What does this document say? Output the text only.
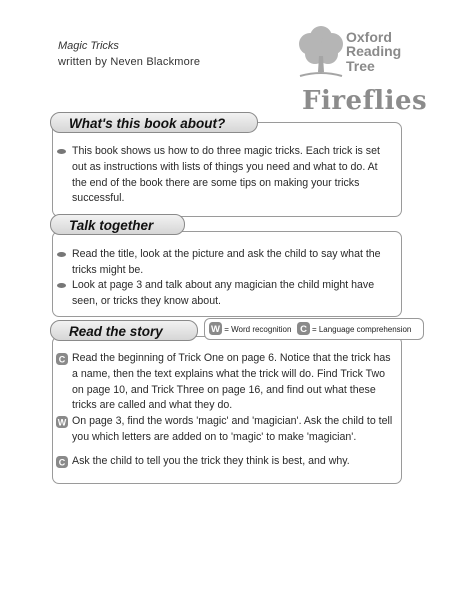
Magic Tricks
written by Neven Blackmore
Oxford
Reading
Tree
Fireflies
What's this book about?
This book shows us how to do three magic tricks. Each trick is set out as instructions with lists of things you need and what to do. At the end of the book there are some tips on making your tricks successful.
Talk together
Read the title, look at the picture and ask the child to say what the tricks might be.
Look at page 3 and talk about any magician the child might have seen, or tricks they know about.
Read the story	W = Word recognition C = Language comprehension
C Read the beginning of Trick One on page 6. Notice that the trick has a name, then the text explains what the trick will do. Find Trick Two on page 10, and Trick Three on page 16, and find out what these tricks are called and what they do.
W On page 3, find the words 'magic' and 'magician'. Ask the child to tell you which letters are added on to 'magic' to make 'magician'.
C Ask the child to tell you the trick they think is best, and why.
